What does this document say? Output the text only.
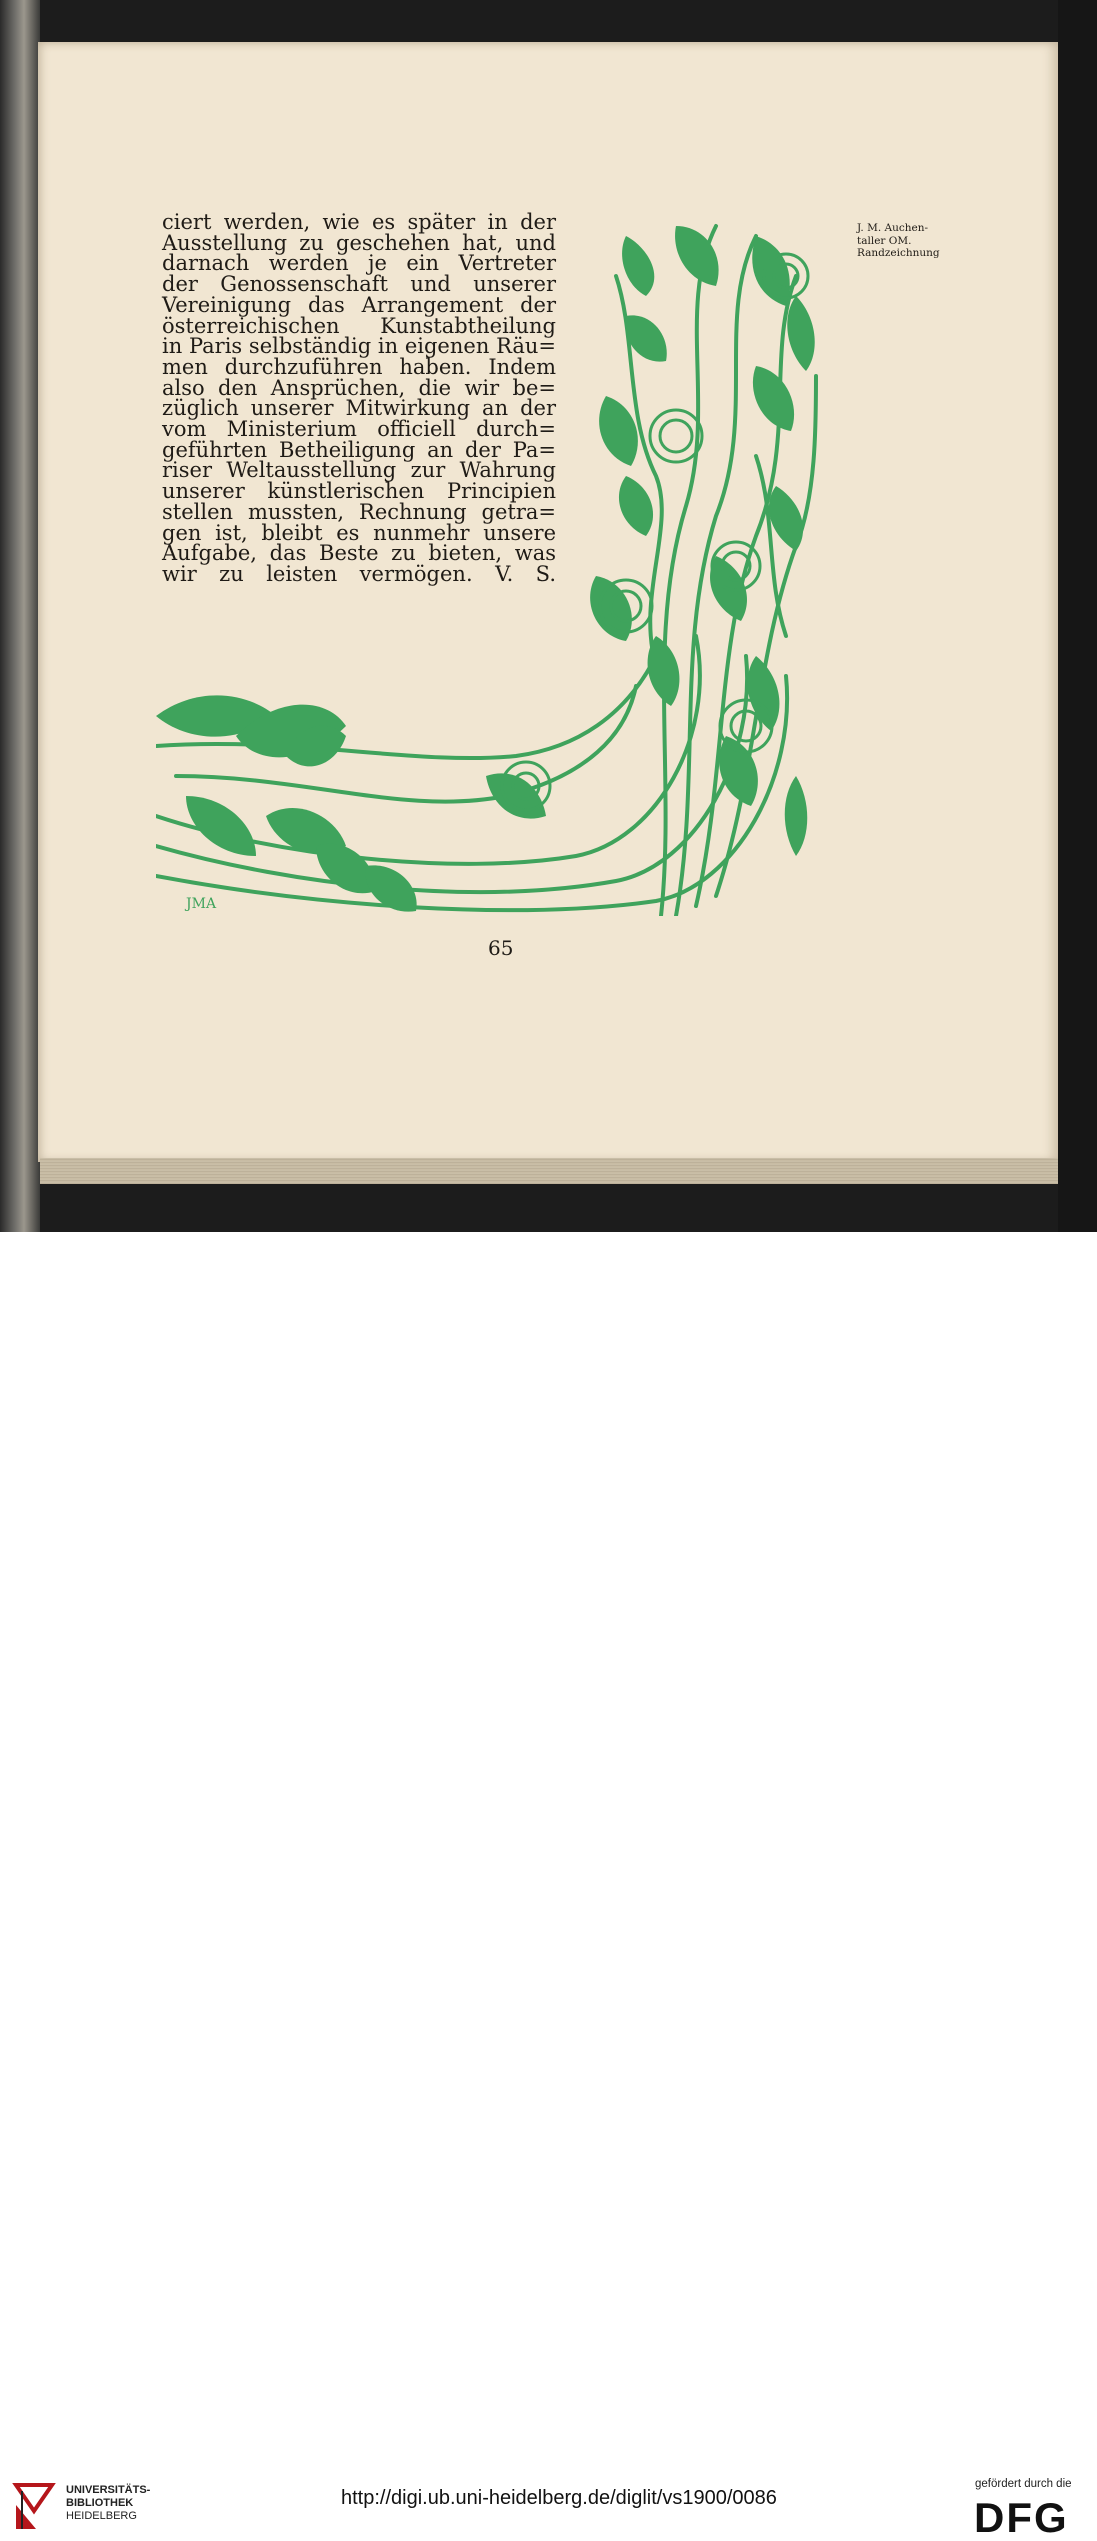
ciert werden, wie es später in der
Ausstellung zu geschehen hat, und
darnach werden je ein Vertreter
der Genossenschaft und unserer
Vereinigung das Arrangement der
österreichischen Kunstabtheilung
in Paris selbständig in eigenen Räu=
men durchzuführen haben. Indem
also den Ansprüchen, die wir be=
züglich unserer Mitwirkung an der
vom Ministerium officiell durch=
geführten Betheiligung an der Pa=
riser Weltausstellung zur Wahrung
unserer künstlerischen Principien
stellen mussten, Rechnung getra=
gen ist, bleibt es nunmehr unsere
Aufgabe, das Beste zu bieten, was
wir zu leisten vermögen. V. S.
J. M. Auchen-
taller OM.
Randzeichnung
JMA
65
UNIVERSITÄTS-
BIBLIOTHEK
HEIDELBERG
http://digi.ub.uni-heidelberg.de/diglit/vs1900/0086
gefördert durch die
DFG
